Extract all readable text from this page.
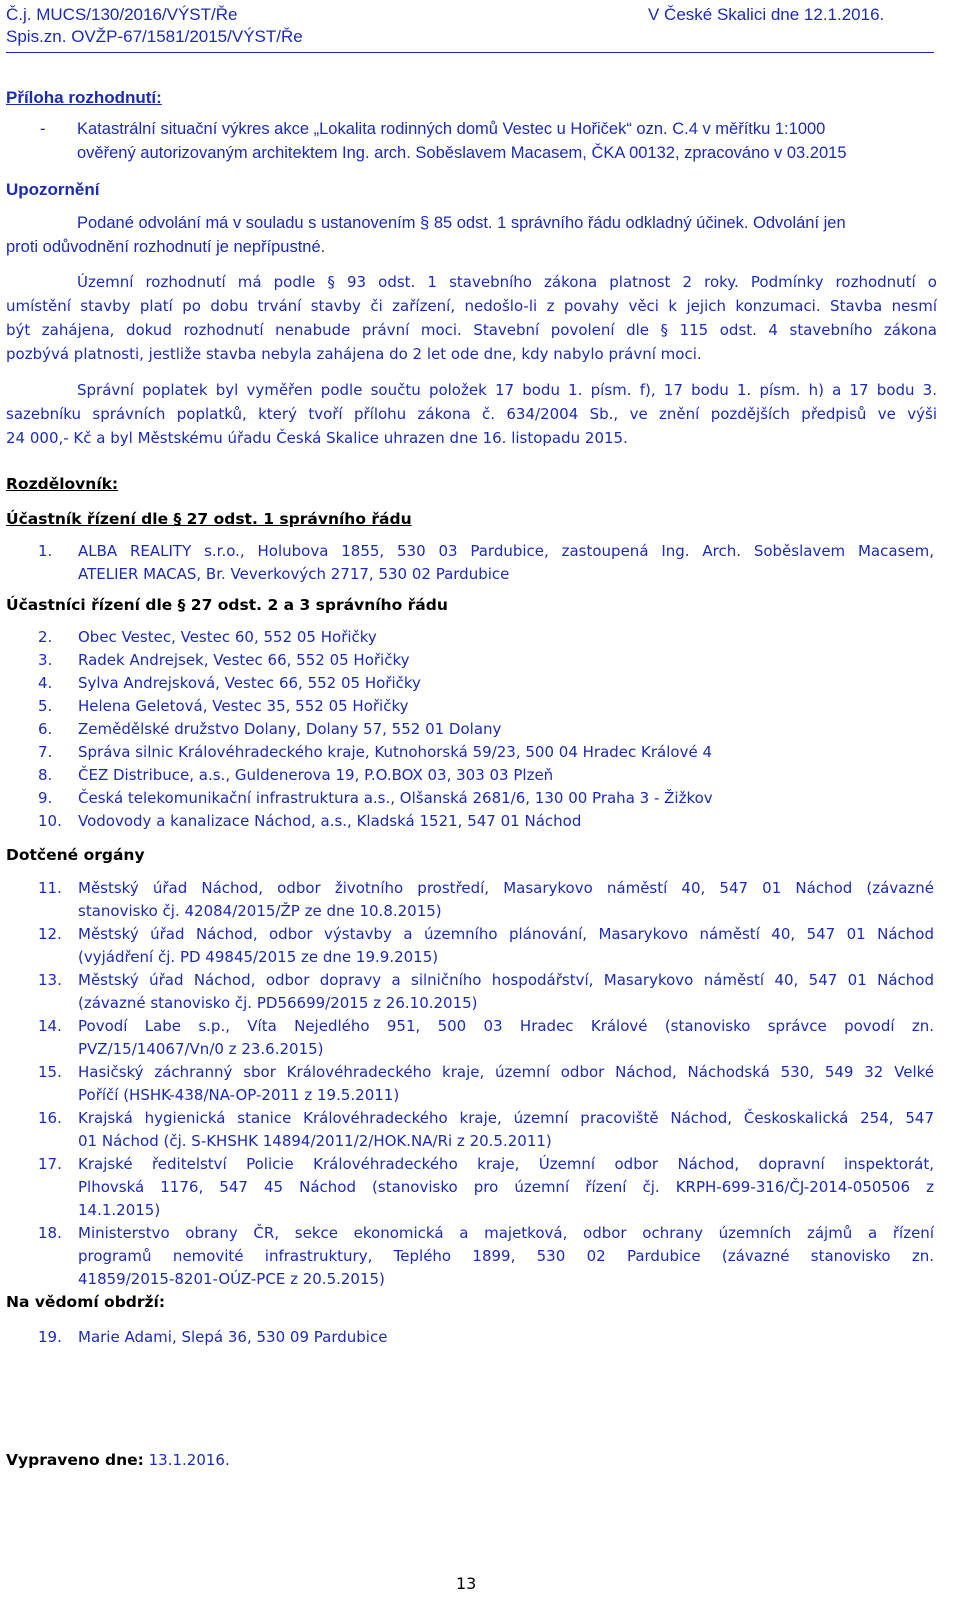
Č.j. MUCS/130/2016/VÝST/Ře
Spis.zn. OVŽP-67/1581/2015/VÝST/Ře
V České Skalici dne 12.1.2016.
Příloha rozhodnutí:
- Katastrální situační výkres akce „Lokalita rodinných domů Vestec u Hořiček“ ozn. C.4 v měřítku 1:1000
ověřený autorizovaným architektem Ing. arch. Soběslavem Macasem, ČKA 00132, zpracováno v 03.2015
Upozornění
Podané odvolání má v souladu s ustanovením § 85 odst. 1 správního řádu odkladný účinek. Odvolání jen
proti odůvodnění rozhodnutí je nepřípustné.
Územní rozhodnutí má podle § 93 odst. 1 stavebního zákona platnost 2 roky. Podmínky rozhodnutí o
umístění stavby platí po dobu trvání stavby či zařízení, nedošlo-li z povahy věci k jejich konzumaci. Stavba nesmí
být zahájena, dokud rozhodnutí nenabude právní moci. Stavební povolení dle § 115 odst. 4 stavebního zákona
pozbývá platnosti, jestliže stavba nebyla zahájena do 2 let ode dne, kdy nabylo právní moci.
Správní poplatek byl vyměřen podle součtu položek 17 bodu 1. písm. f), 17 bodu 1. písm. h) a 17 bodu 3.
sazebníku správních poplatků, který tvoří přílohu zákona č. 634/2004 Sb., ve znění pozdějších předpisů ve výši
24 000,- Kč a byl Městskému úřadu Česká Skalice uhrazen dne 16. listopadu 2015.
Rozdělovník:
Účastník řízení dle § 27 odst. 1 správního řádu
1.	ALBA REALITY s.r.o., Holubova 1855, 530 03 Pardubice, zastoupená Ing. Arch. Soběslavem Macasem,
ATELIER MACAS, Br. Veverkových 2717, 530 02 Pardubice
Účastníci řízení dle § 27 odst. 2 a 3 správního řádu
2.	Obec Vestec, Vestec 60, 552 05 Hořičky
3.	Radek Andrejsek, Vestec 66, 552 05 Hořičky
4.	Sylva Andrejsková, Vestec 66, 552 05 Hořičky
5.	Helena Geletová, Vestec 35, 552 05 Hořičky
6.	Zemědělské družstvo Dolany, Dolany 57, 552 01 Dolany
7.	Správa silnic Královéhradeckého kraje, Kutnohorská 59/23, 500 04 Hradec Králové 4
8.	ČEZ Distribuce, a.s., Guldenerova 19, P.O.BOX 03, 303 03 Plzeň
9.	Česká telekomunikační infrastruktura a.s., Olšanská 2681/6, 130 00 Praha 3 - Žižkov
10.	Vodovody a kanalizace Náchod, a.s., Kladská 1521, 547 01 Náchod
Dotčené orgány
11.	Městský úřad Náchod, odbor životního prostředí, Masarykovo náměstí 40, 547 01 Náchod (závazné
stanovisko čj. 42084/2015/ŽP ze dne 10.8.2015)
12.	Městský úřad Náchod, odbor výstavby a územního plánování, Masarykovo náměstí 40, 547 01 Náchod
(vyjádření čj. PD 49845/2015 ze dne 19.9.2015)
13.	Městský úřad Náchod, odbor dopravy a silničního hospodářství, Masarykovo náměstí 40, 547 01 Náchod
(závazné stanovisko čj. PD56699/2015 z 26.10.2015)
14.	Povodí Labe s.p., Víta Nejedlého 951, 500 03 Hradec Králové (stanovisko správce povodí zn.
PVZ/15/14067/Vn/0 z 23.6.2015)
15.	Hasičský záchranný sbor Královéhradeckého kraje, územní odbor Náchod, Náchodská 530, 549 32 Velké
Poříčí (HSHK-438/NA-OP-2011 z 19.5.2011)
16.	Krajská hygienická stanice Královéhradeckého kraje, územní pracoviště Náchod, Českoskalická 254, 547
01 Náchod (čj. S-KHSHK 14894/2011/2/HOK.NA/Ri z 20.5.2011)
17.	Krajské ředitelství Policie Královéhradeckého kraje, Územní odbor Náchod, dopravní inspektorát,
Plhovská 1176, 547 45 Náchod (stanovisko pro územní řízení čj. KRPH-699-316/ČJ-2014-050506 z
14.1.2015)
18.	Ministerstvo obrany ČR, sekce ekonomická a majetková, odbor ochrany územních zájmů a řízení
programů nemovité infrastruktury, Teplého 1899, 530 02 Pardubice (závazné stanovisko zn.
41859/2015-8201-OÚZ-PCE z 20.5.2015)
Na vědomí obdrží:
19.	Marie Adami, Slepá 36, 530 09 Pardubice
Vypraveno dne: 13.1.2016.
13
